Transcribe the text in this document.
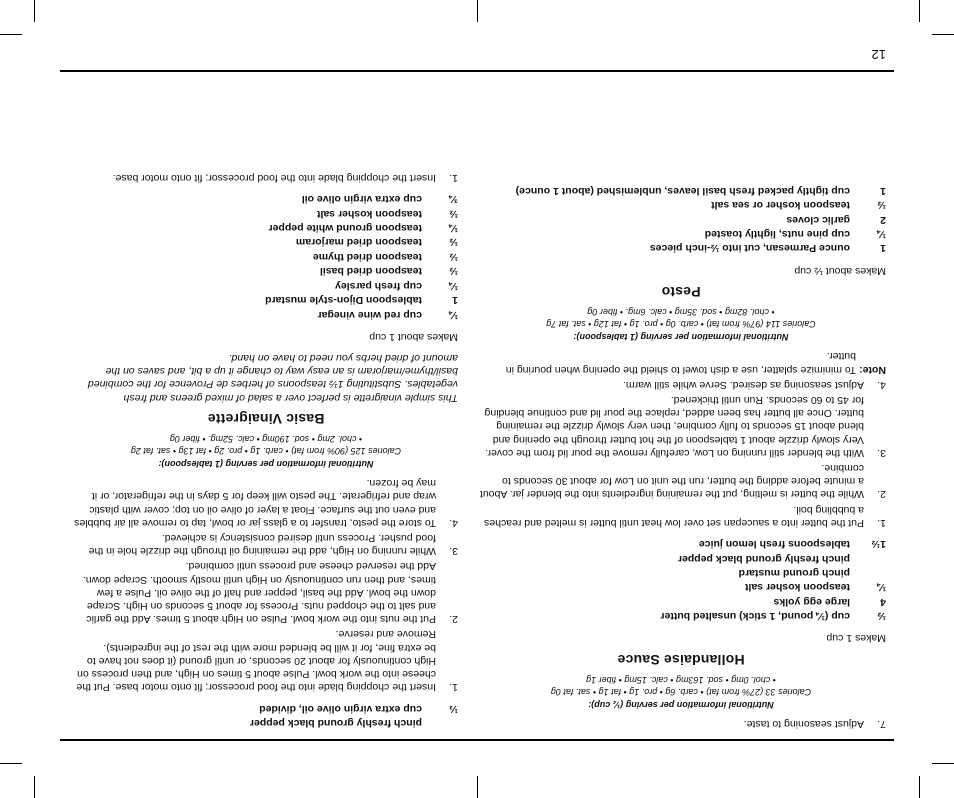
12
7.
Adjust seasoning to taste.
Nutritional information per serving (¼ cup):
Calories 33 (27% from fat) • carb. 6g • pro. 1g • fat 1g • sat. fat 0g
• chol. 0mg • sod. 163mg • calc. 15mg • fiber 1g
Hollandaise Sauce
Makes 1 cup
½
cup (¼ pound, 1 stick) unsalted butter
4
large egg yolks
¼
teaspoon kosher salt
pinch ground mustard
pinch freshly ground black pepper
1½
tablespoons fresh lemon juice
1.
Put the butter into a saucepan set over low heat until butter is melted and reaches a bubbling boil.
2.
While the butter is melting, put the remaining ingredients into the blender jar. About a minute before adding the butter, run the unit on Low for about 30 seconds to combine.
3.
With the blender still running on Low, carefully remove the pour lid from the cover. Very slowly drizzle about 1 tablespoon of the hot butter through the opening and blend about 15 seconds to fully combine, then very slowly drizzle the remaining butter. Once all butter has been added, replace the pour lid and continue blending for 45 to 60 seconds. Run until thickened.
4.
Adjust seasoning as desired. Serve while still warm.
Note:
To minimize splatter, use a dish towel to shield the opening when pouring in butter.
Nutritional information per serving (1 tablespoon):
Calories 114 (97% from fat) • carb. 0g • pro. 1g • fat 12g • sat. fat 7g
• chol. 82mg • sod. 35mg • calc. 6mg. • fiber 0g
Pesto
Makes about ½ cup
1
ounce Parmesan, cut into ½-inch pieces
¼
cup pine nuts, lightly toasted
2
garlic cloves
½
teaspoon kosher or sea salt
1
cup tightly packed fresh basil leaves, unblemished (about 1 ounce)
pinch freshly ground black pepper
⅓
cup extra virgin olive oil, divided
1.
Insert the chopping blade into the food processor; fit onto motor base. Put the cheese into the work bowl. Pulse about 5 times on High, and then process on High continuously for about 20 seconds, or until ground (it does not have to be extra fine, for it will be blended more with the rest of the ingredients). Remove and reserve.
2.
Put the nuts into the work bowl. Pulse on High about 5 times. Add the garlic and salt to the chopped nuts. Process for about 5 seconds on High. Scrape down the bowl. Add the basil, pepper and half of the olive oil. Pulse a few times, and then run continuously on High until mostly smooth. Scrape down. Add the reserved cheese and process until combined.
3.
While running on High, add the remaining oil through the drizzle hole in the food pusher. Process until desired consistency is achieved.
4.
To store the pesto, transfer to a glass jar or bowl, tap to remove all air bubbles and even out the surface. Float a layer of olive oil on top; cover with plastic wrap and refrigerate. The pesto will keep for 5 days in the refrigerator, or it may be frozen.
Nutritional information per serving (1 tablespoon):
Calories 125 (90% from fat) • carb. 1g • pro. 2g • fat 13g • sat. fat 2g
• chol. 2mg • sod. 190mg • calc. 52mg. • fiber 0g
Basic Vinaigrette
This simple vinaigrette is perfect over a salad of mixed greens and fresh vegetables. Substituting 1½ teaspoons of herbes de Provence for the combined basil/thyme/marjoram is an easy way to change it up a bit, and saves on the amount of dried herbs you need to have on hand.
Makes about 1 cup
¼
cup red wine vinegar
1
tablespoon Dijon-style mustard
¼
cup fresh parsley
½
teaspoon dried basil
½
teaspoon dried thyme
½
teaspoon dried marjoram
¼
teaspoon ground white pepper
½
teaspoon kosher salt
¾
cup extra virgin olive oil
1.
Insert the chopping blade into the food processor; fit onto motor base.
